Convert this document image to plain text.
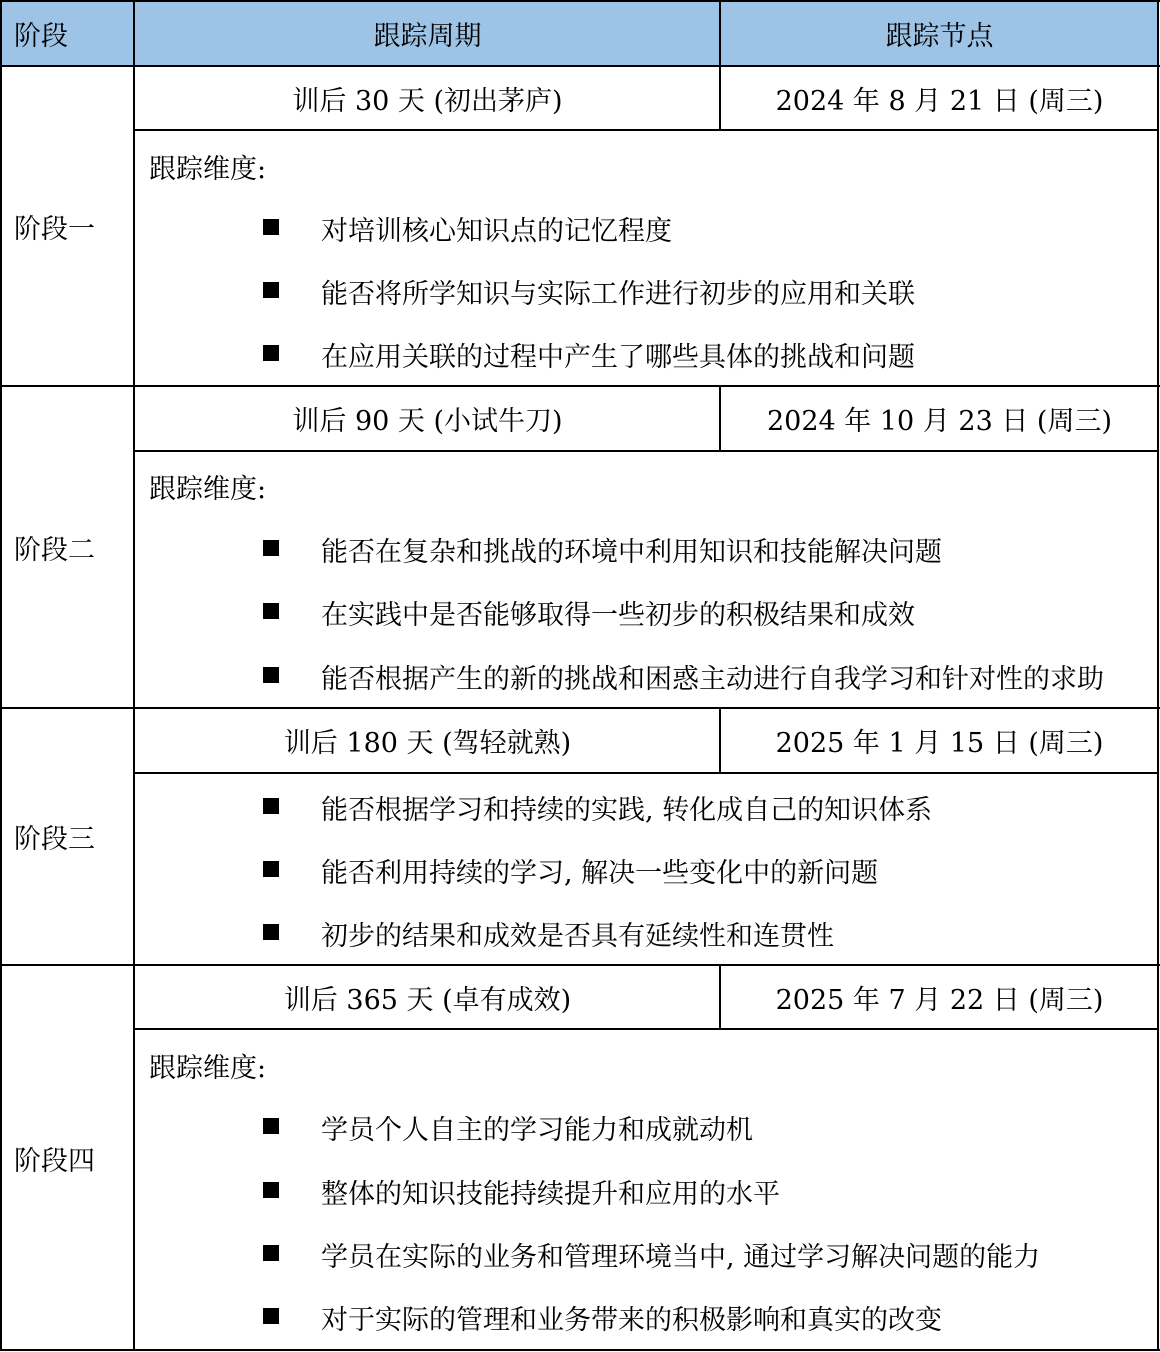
阶段	跟踪周期	跟踪节点
阶段一
训后 30 天 (初出茅庐)	2024 年 8 月 21 日 (周三)
跟踪维度:
对培训核心知识点的记忆程度
能否将所学知识与实际工作进行初步的应用和关联
在应用关联的过程中产生了哪些具体的挑战和问题
阶段二
训后 90 天 (小试牛刀)	2024 年 10 月 23 日 (周三)
跟踪维度:
能否在复杂和挑战的环境中利用知识和技能解决问题
在实践中是否能够取得一些初步的积极结果和成效
能否根据产生的新的挑战和困惑主动进行自我学习和针对性的求助
阶段三
训后 180 天 (驾轻就熟)	2025 年 1 月 15 日 (周三)
能否根据学习和持续的实践, 转化成自己的知识体系
能否利用持续的学习, 解决一些变化中的新问题
初步的结果和成效是否具有延续性和连贯性
阶段四
训后 365 天 (卓有成效)	2025 年 7 月 22 日 (周三)
跟踪维度:
学员个人自主的学习能力和成就动机
整体的知识技能持续提升和应用的水平
学员在实际的业务和管理环境当中, 通过学习解决问题的能力
对于实际的管理和业务带来的积极影响和真实的改变
